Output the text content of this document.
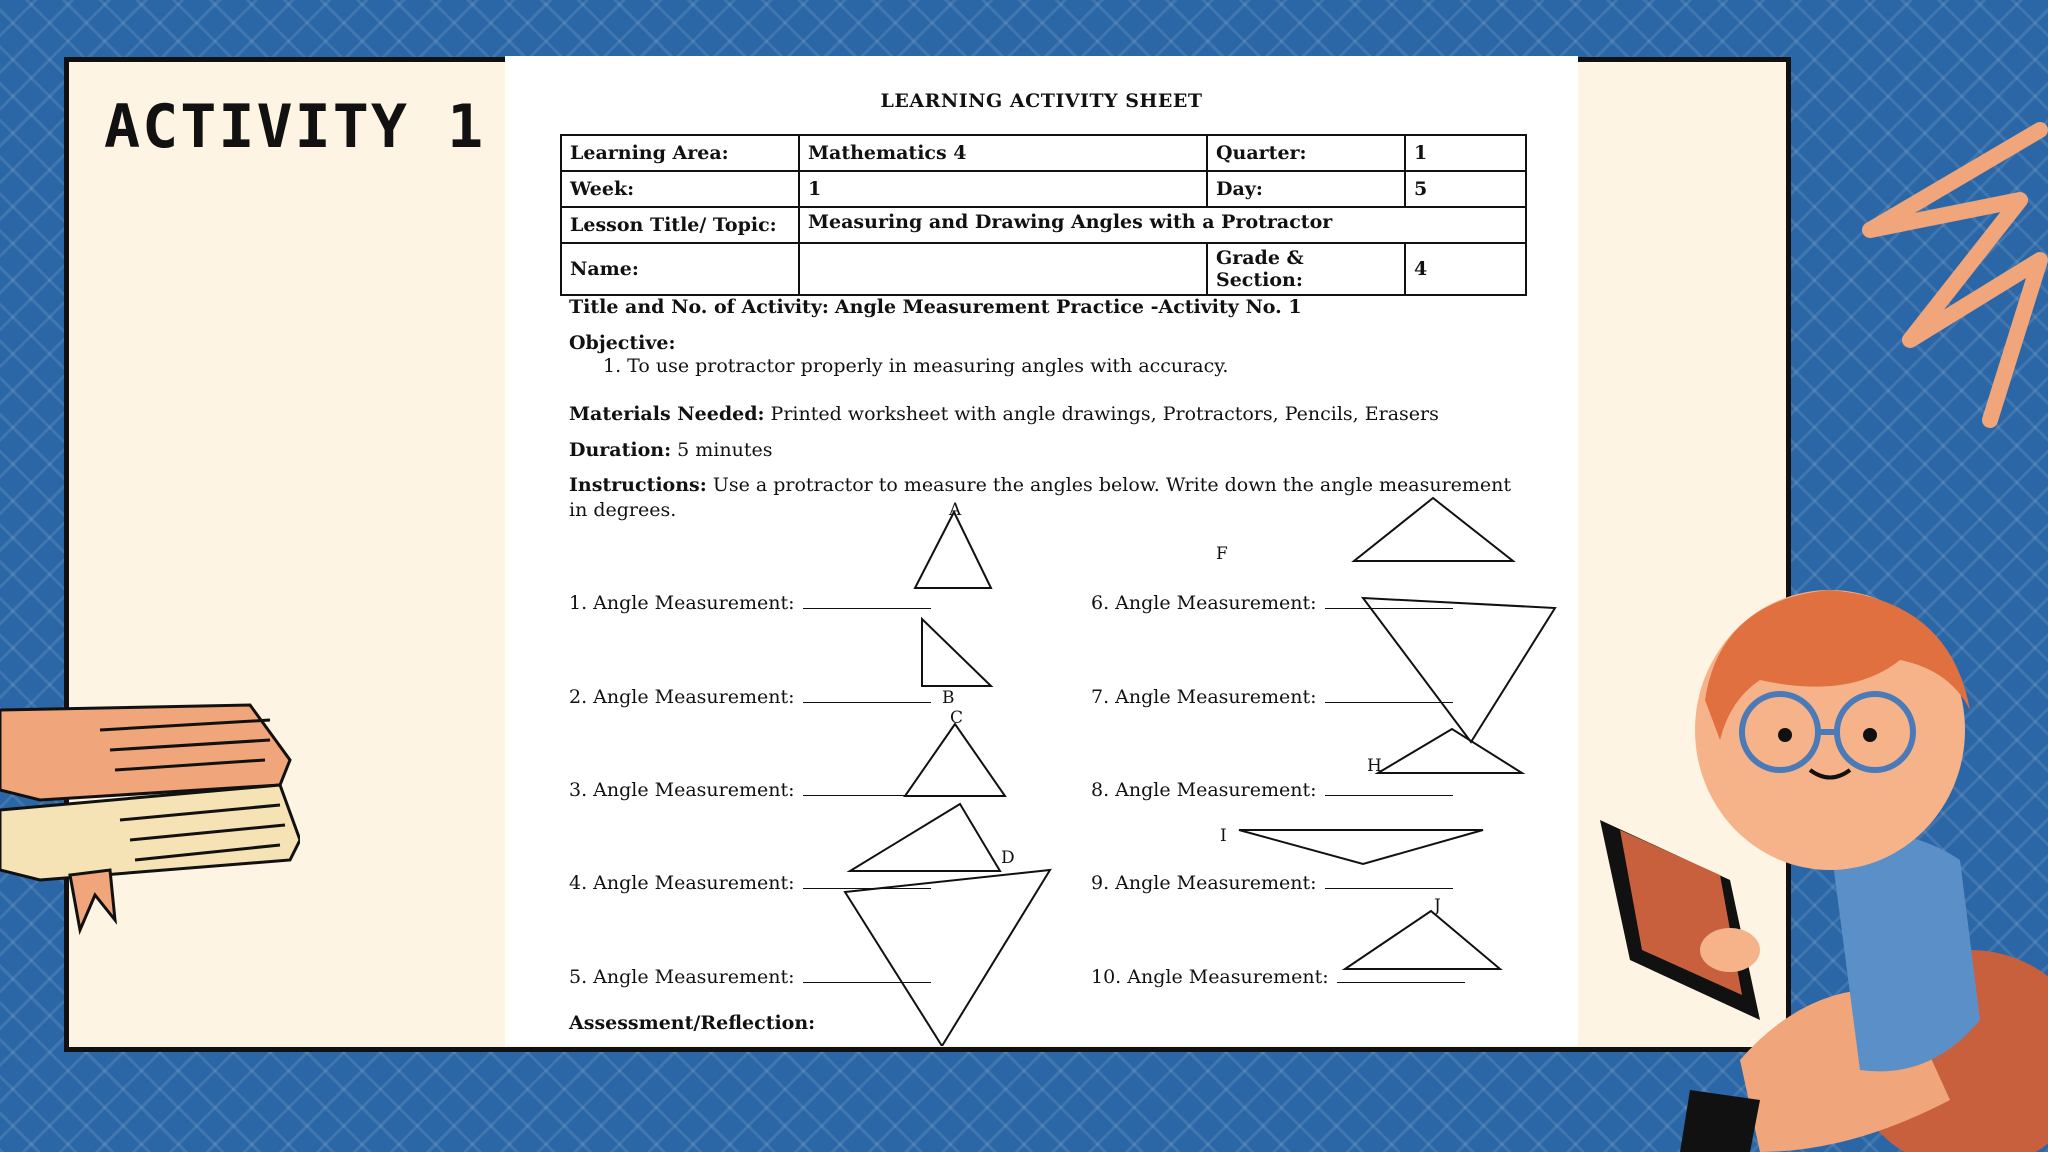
ACTIVITY 1	LEARNING ACTIVITY SHEET
Learning Area:	Mathematics 4	Quarter:	1
Week:	1	Day:	5
Lesson Title/ Topic:	Measuring and Drawing Angles with a Protractor		
Name:		Grade & Section:	4
Title and No. of Activity: Angle Measurement Practice -Activity No. 1
Objective:
1. To use protractor properly in measuring angles with accuracy.
Materials Needed: Printed worksheet with angle drawings, Protractors, Pencils, Erasers
Duration: 5 minutes
Instructions: Use a protractor to measure the angles below. Write down the angle measurement
in degrees.
1. Angle Measurement:
2. Angle Measurement:
3. Angle Measurement:
4. Angle Measurement:
5. Angle Measurement:
6. Angle Measurement:
7. Angle Measurement:
8. Angle Measurement:
9. Angle Measurement:
10. Angle Measurement:
A
B
C
D
F
H
I
J
Assessment/Reflection:
